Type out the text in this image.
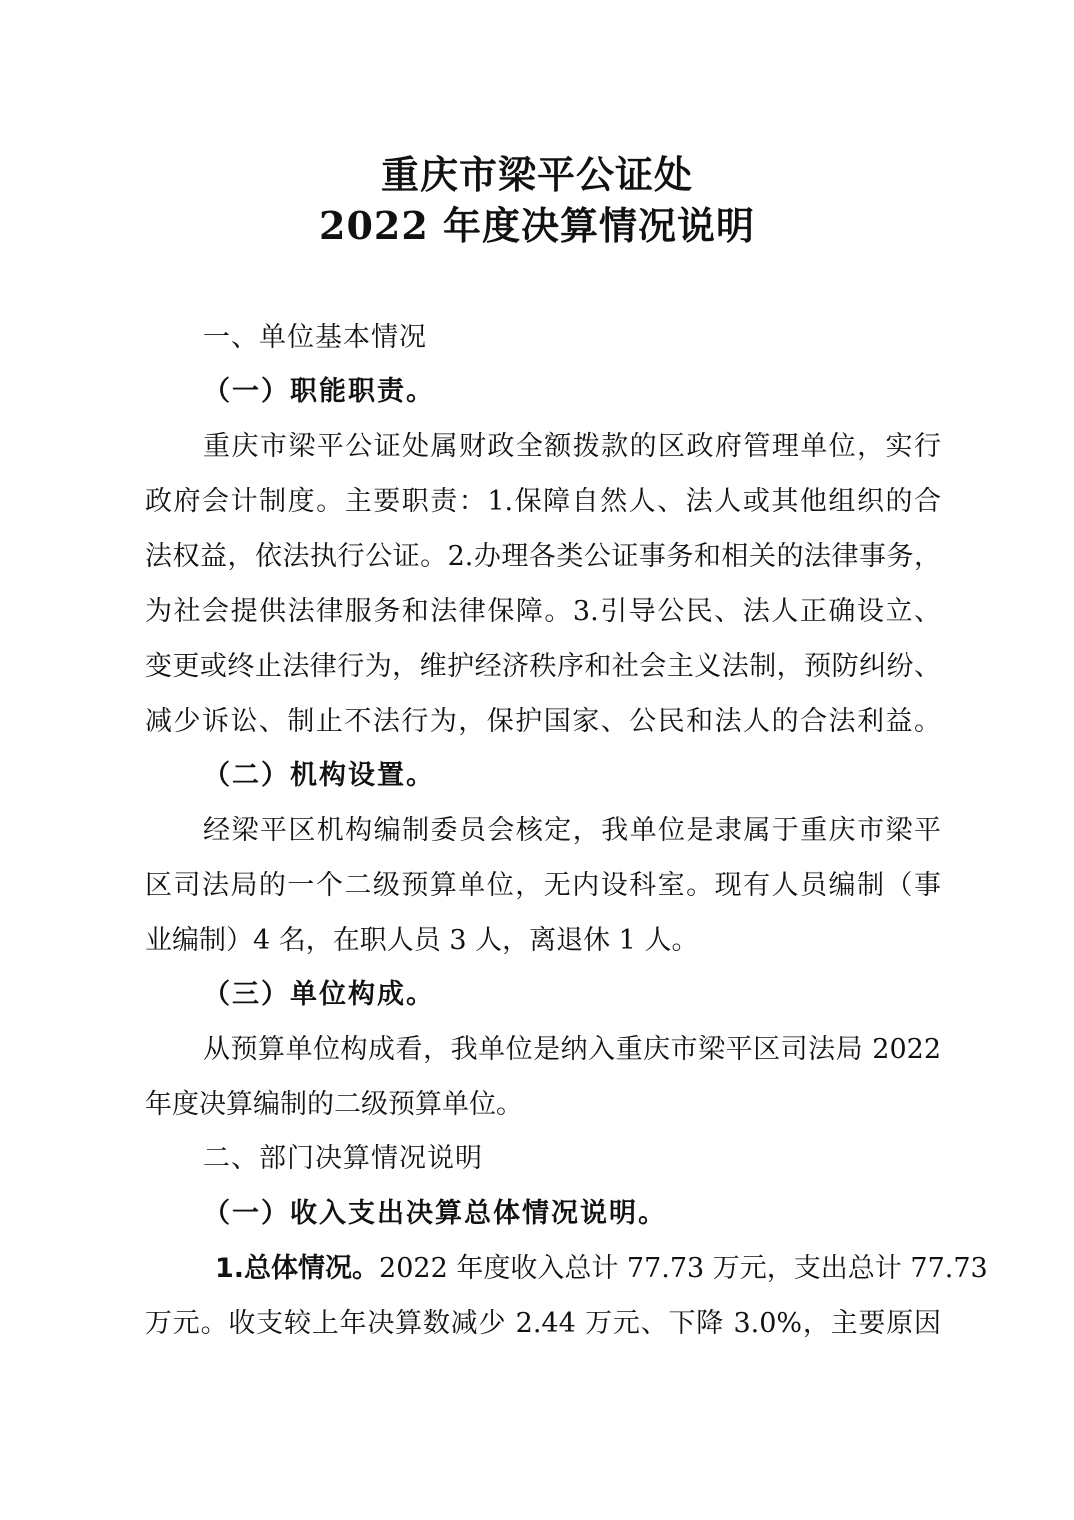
重庆市梁平公证处
2022 年度决算情况说明
一、单位基本情况
（一）职能职责。
重庆市梁平公证处属财政全额拨款的区政府管理单位，实行
政府会计制度。主要职责：1.保障自然人、法人或其他组织的合
法权益，依法执行公证。2.办理各类公证事务和相关的法律事务，
为社会提供法律服务和法律保障。3.引导公民、法人正确设立、
变更或终止法律行为，维护经济秩序和社会主义法制，预防纠纷、
减少诉讼、制止不法行为，保护国家、公民和法人的合法利益。
（二）机构设置。
经梁平区机构编制委员会核定，我单位是隶属于重庆市梁平
区司法局的一个二级预算单位，无内设科室。现有人员编制（事
业编制）4 名，在职人员 3 人，离退休 1 人。
（三）单位构成。
从预算单位构成看，我单位是纳入重庆市梁平区司法局 2022
年度决算编制的二级预算单位。
二、部门决算情况说明
（一）收入支出决算总体情况说明。
1.总体情况。 2022 年度收入总计 77.73 万元，支出总计 77.73
万元。收支较上年决算数减少 2.44 万元、下降 3.0%，主要原因
